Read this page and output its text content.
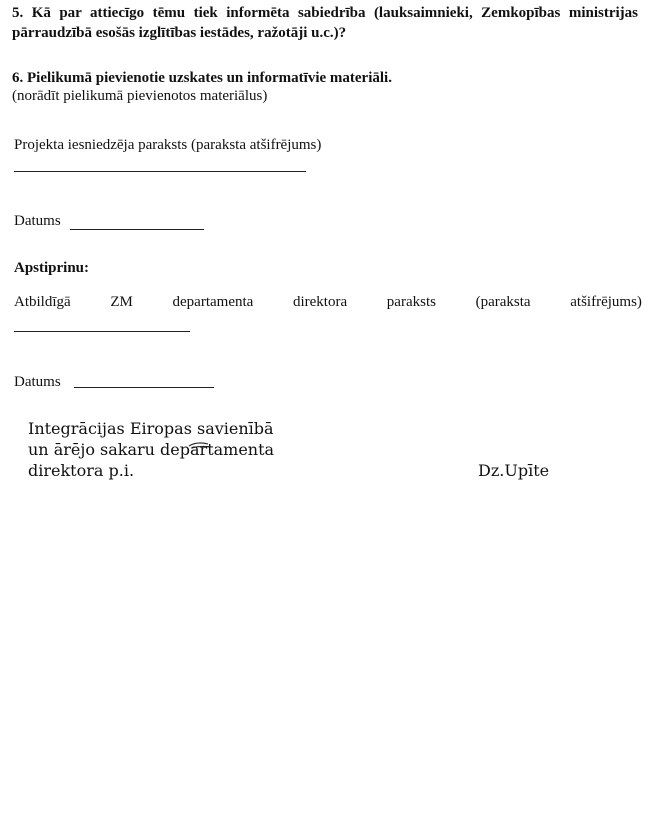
5. Kā par attiecīgo tēmu tiek informēta sabiedrība (lauksaimnieki, Zemkopības ministrijas pārraudzībā esošās izglītības iestādes, ražotāji u.c.)?

6. Pielikumā pievienotie uzskates un informatīvie materiāli.

(norādīt pielikumā pievienotos materiālus)

Projekta iesniedzēja paraksts (paraksta atšifrējums)

Datums

Apstiprinu:

Atbildīgā	ZM	departamenta	direktora	paraksts	(paraksta	atšifrējums)

Datums

Integrācijas Eiropas savienībā
un ārējo sakaru departamenta
direktora p.i.	Dz.Upīte
